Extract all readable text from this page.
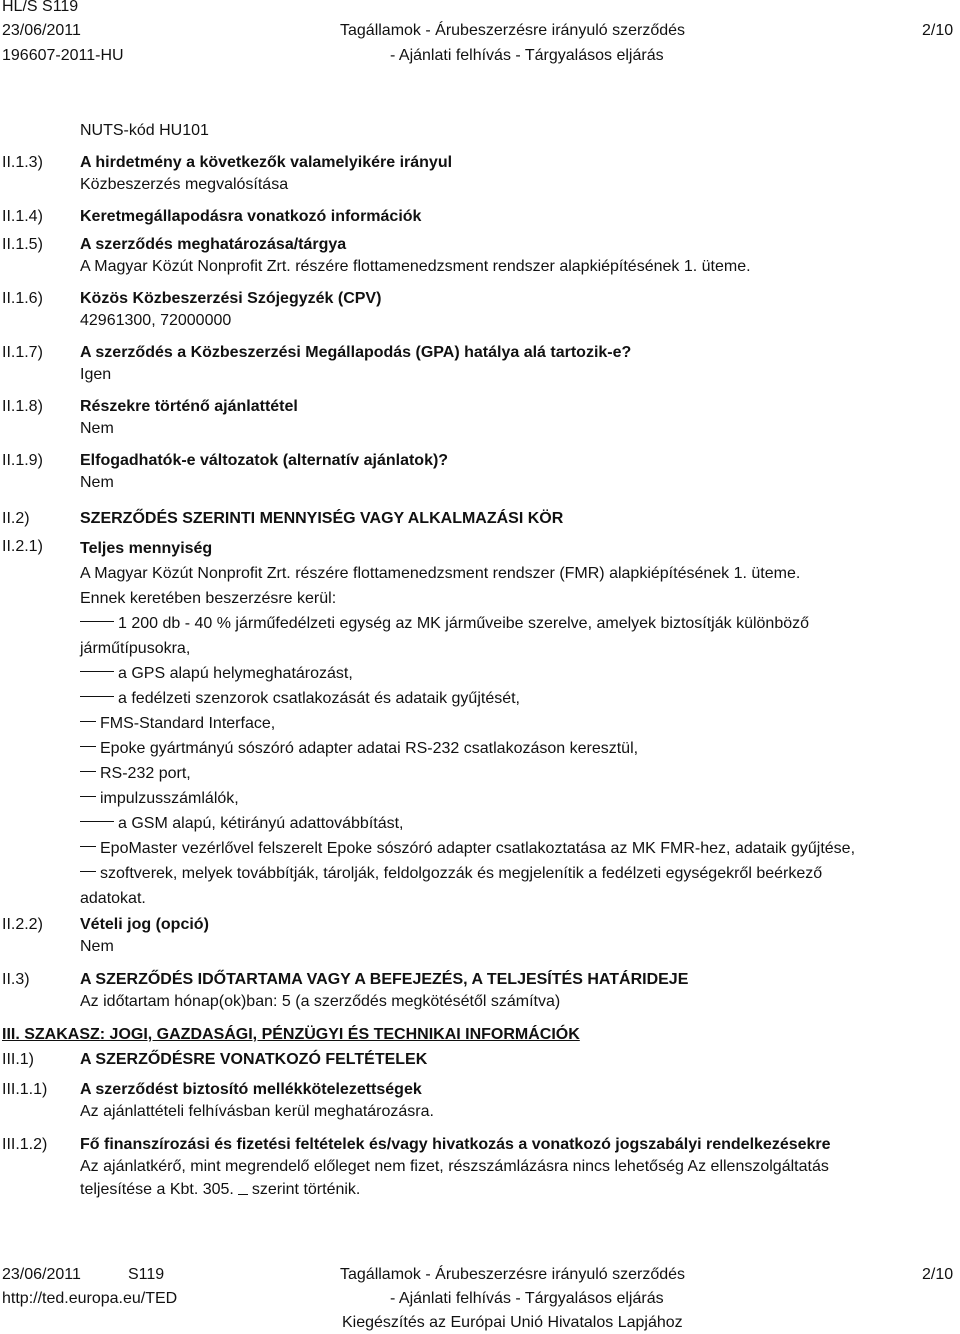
HL/S S119
23/06/2011
196607-2011-HU
Tagállamok - Árubeszerzésre irányuló szerződés
- Ajánlati felhívás - Tárgyalásos eljárás
2/10
II.1.3)
II.1.4)
II.1.5)
II.1.6)
II.1.7)
II.1.8)
II.1.9)
II.2)
II.2.1)
II.2.2)
II.3)
III.1)
III.1.1)
III.1.2)
NUTS-kód HU101
A hirdetmény a következők valamelyikére irányul
Közbeszerzés megvalósítása
Keretmegállapodásra vonatkozó információk
A szerződés meghatározása/tárgya
A Magyar Közút Nonprofit Zrt. részére flottamenedzsment rendszer alapkiépítésének 1. üteme.
Közös Közbeszerzési Szójegyzék (CPV)
42961300, 72000000
A szerződés a Közbeszerzési Megállapodás (GPA) hatálya alá tartozik-e?
Igen
Részekre történő ajánlattétel
Nem
Elfogadhatók-e változatok (alternatív ajánlatok)?
Nem
SZERZŐDÉS SZERINTI MENNYISÉG VAGY ALKALMAZÁSI KÖR
Teljes mennyiség
A Magyar Közút Nonprofit Zrt. részére flottamenedzsment rendszer (FMR) alapkiépítésének 1. üteme.
Ennek keretében beszerzésre kerül:
1 200 db - 40 % járműfedélzeti egység az MK járműveibe szerelve, amelyek biztosítják különböző
járműtípusokra,
a GPS alapú helymeghatározást,
a fedélzeti szenzorok csatlakozását és adataik gyűjtését,
FMS-Standard Interface,
Epoke gyártmányú sószóró adapter adatai RS-232 csatlakozáson keresztül,
RS-232 port,
impulzusszámlálók,
a GSM alapú, kétirányú adattovábbítást,
EpoMaster vezérlővel felszerelt Epoke sószóró adapter csatlakoztatása az MK FMR-hez, adataik gyűjtése,
szoftverek, melyek továbbítják, tárolják, feldolgozzák és megjelenítik a fedélzeti egységekről beérkező
adatokat.
Vételi jog (opció)
Nem
A SZERZŐDÉS IDŐTARTAMA VAGY A BEFEJEZÉS, A TELJESÍTÉS HATÁRIDEJE
Az időtartam hónap(ok)ban: 5 (a szerződés megkötésétől számítva)
III. SZAKASZ: JOGI, GAZDASÁGI, PÉNZÜGYI ÉS TECHNIKAI INFORMÁCIÓK
A SZERZŐDÉSRE VONATKOZÓ FELTÉTELEK
A szerződést biztosító mellékkötelezettségek
Az ajánlattételi felhívásban kerül meghatározásra.
Fő finanszírozási és fizetési feltételek és/vagy hivatkozás a vonatkozó jogszabályi rendelkezésekre
Az ajánlatkérő, mint megrendelő előleget nem fizet, részszámlázásra nincs lehetőség Az ellenszolgáltatás
teljesítése a Kbt. 305. szerint történik.
23/06/2011	S119
http://ted.europa.eu/TED
Tagállamok - Árubeszerzésre irányuló szerződés
- Ajánlati felhívás - Tárgyalásos eljárás
Kiegészítés az Európai Unió Hivatalos Lapjához
2/10
